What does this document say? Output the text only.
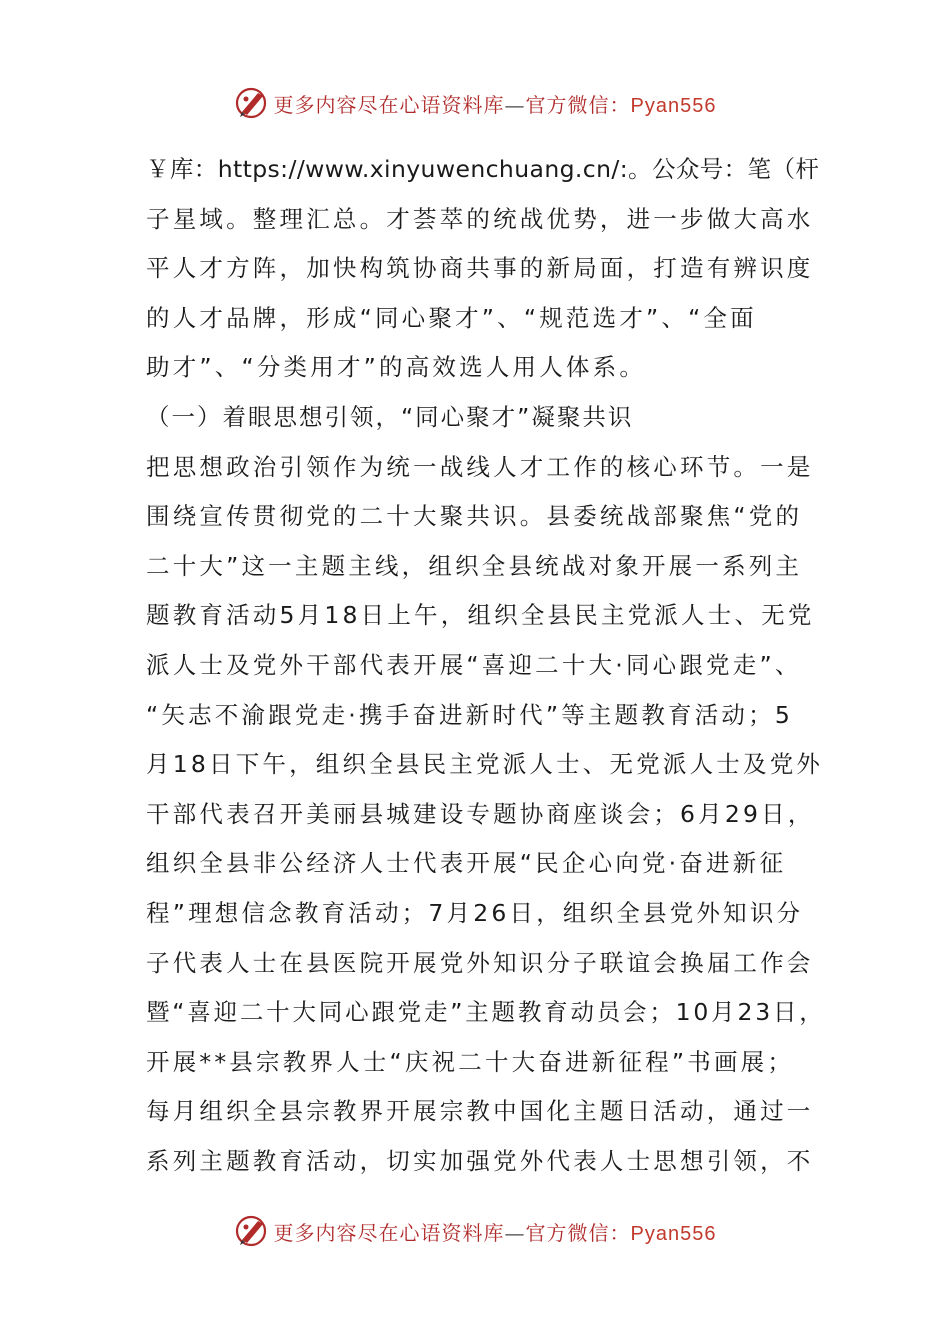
更多内容尽在心语资料库—官方微信：Pyan556
￥库：https://www.xinyuwenchuang.cn/:。公众号：笔（杆
子星域。整理汇总。才荟萃的统战优势，进一步做大高水
平人才方阵，加快构筑协商共事的新局面，打造有辨识度
的人才品牌，形成“同心聚才”、“规范选才”、“全面
助才”、“分类用才”的高效选人用人体系。
（一）着眼思想引领，“同心聚才”凝聚共识
把思想政治引领作为统一战线人才工作的核心环节。一是
围绕宣传贯彻党的二十大聚共识。县委统战部聚焦“党的
二十大”这一主题主线，组织全县统战对象开展一系列主
题教育活动5月18日上午，组织全县民主党派人士、无党
派人士及党外干部代表开展“喜迎二十大·同心跟党走”、
“矢志不渝跟党走·携手奋进新时代”等主题教育活动；5
月18日下午，组织全县民主党派人士、无党派人士及党外
干部代表召开美丽县城建设专题协商座谈会；6月29日，
组织全县非公经济人士代表开展“民企心向党·奋进新征
程”理想信念教育活动；7月26日，组织全县党外知识分
子代表人士在县医院开展党外知识分子联谊会换届工作会
暨“喜迎二十大同心跟党走”主题教育动员会；10月23日，
开展**县宗教界人士“庆祝二十大奋进新征程”书画展；
每月组织全县宗教界开展宗教中国化主题日活动，通过一
系列主题教育活动，切实加强党外代表人士思想引领，不
更多内容尽在心语资料库—官方微信：Pyan556
